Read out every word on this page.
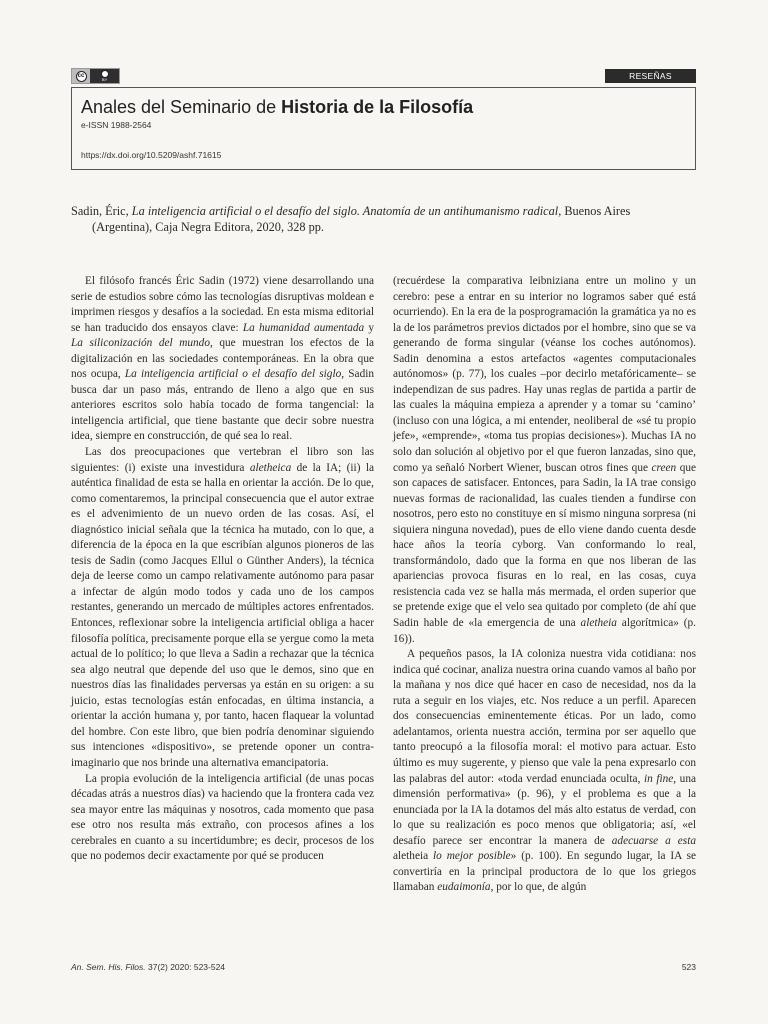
cc
BY	RESEÑAS
Anales del Seminario de Historia de la Filosofía
e-ISSN 1988-2564
https://dx.doi.org/10.5209/ashf.71615
Sadin, Éric, La inteligencia artificial o el desafío del siglo. Anatomía de un antihumanismo radical, Buenos Aires
(Argentina), Caja Negra Editora, 2020, 328 pp.

El filósofo francés Éric Sadin (1972) viene desarrollando una serie de estudios sobre cómo las tecnologías disruptivas moldean e imprimen riesgos y desafíos a la sociedad. En esta misma editorial se han traducido dos ensayos clave: La humanidad aumentada y La siliconización del mundo, que muestran los efectos de la digitalización en las sociedades contemporáneas. En la obra que nos ocupa, La inteligencia artificial o el desafío del siglo, Sadin busca dar un paso más, entrando de lleno a algo que en sus anteriores escritos solo había tocado de forma tangencial: la inteligencia artificial, que tiene bastante que decir sobre nuestra idea, siempre en construcción, de qué sea lo real.

Las dos preocupaciones que vertebran el libro son las siguientes: (i) existe una investidura aletheica de la IA; (ii) la auténtica finalidad de esta se halla en orientar la acción. De lo que, como comentaremos, la principal consecuencia que el autor extrae es el advenimiento de un nuevo orden de las cosas. Así, el diagnóstico inicial señala que la técnica ha mutado, con lo que, a diferencia de la época en la que escribían algunos pioneros de las tesis de Sadin (como Jacques Ellul o Günther Anders), la técnica deja de leerse como un campo relativamente autónomo para pasar a infectar de algún modo todos y cada uno de los campos restantes, generando un mercado de múltiples actores enfrentados. Entonces, reflexionar sobre la inteligencia artificial obliga a hacer filosofía política, precisamente porque ella se yergue como la meta actual de lo político; lo que lleva a Sadin a rechazar que la técnica sea algo neutral que depende del uso que le demos, sino que en nuestros días las finalidades perversas ya están en su origen: a su juicio, estas tecnologías están enfocadas, en última instancia, a orientar la acción humana y, por tanto, hacen flaquear la voluntad del hombre. Con este libro, que bien podría denominar siguiendo sus intenciones «dispositivo», se pretende oponer un contra-imaginario que nos brinde una alternativa emancipatoria.

La propia evolución de la inteligencia artificial (de unas pocas décadas atrás a nuestros días) va haciendo que la frontera cada vez sea mayor entre las máquinas y nosotros, cada momento que pasa ese otro nos resulta más extraño, con procesos afines a los cerebrales en cuanto a su incertidumbre; es decir, procesos de los que no podemos decir exactamente por qué se producen

(recuérdese la comparativa leibniziana entre un molino y un cerebro: pese a entrar en su interior no logramos saber qué está ocurriendo). En la era de la posprogramación la gramática ya no es la de los parámetros previos dictados por el hombre, sino que se va generando de forma singular (véanse los coches autónomos). Sadin denomina a estos artefactos «agentes computacionales autónomos» (p. 77), los cuales –por decirlo metafóricamente– se independizan de sus padres. Hay unas reglas de partida a partir de las cuales la máquina empieza a aprender y a tomar su ‘camino’ (incluso con una lógica, a mi entender, neoliberal de «sé tu propio jefe», «emprende», «toma tus propias decisiones»). Muchas IA no solo dan solución al objetivo por el que fueron lanzadas, sino que, como ya señaló Norbert Wiener, buscan otros fines que creen que son capaces de satisfacer. Entonces, para Sadin, la IA trae consigo nuevas formas de racionalidad, las cuales tienden a fundirse con nosotros, pero esto no constituye en sí mismo ninguna sorpresa (ni siquiera ninguna novedad), pues de ello viene dando cuenta desde hace años la teoría cyborg. Van conformando lo real, transformándolo, dado que la forma en que nos liberan de las apariencias provoca fisuras en lo real, en las cosas, cuya resistencia cada vez se halla más mermada, el orden superior que se pretende exige que el velo sea quitado por completo (de ahí que Sadin hable de «la emergencia de una aletheia algorítmica» (p. 16)).

A pequeños pasos, la IA coloniza nuestra vida cotidiana: nos indica qué cocinar, analiza nuestra orina cuando vamos al baño por la mañana y nos dice qué hacer en caso de necesidad, nos da la ruta a seguir en los viajes, etc. Nos reduce a un perfil. Aparecen dos consecuencias eminentemente éticas. Por un lado, como adelantamos, orienta nuestra acción, termina por ser aquello que tanto preocupó a la filosofía moral: el motivo para actuar. Esto último es muy sugerente, y pienso que vale la pena expresarlo con las palabras del autor: «toda verdad enunciada oculta, in fine, una dimensión performativa» (p. 96), y el problema es que a la enunciada por la IA la dotamos del más alto estatus de verdad, con lo que su realización es poco menos que obligatoria; así, «el desafío parece ser encontrar la manera de adecuarse a esta aletheia lo mejor posible» (p. 100). En segundo lugar, la IA se convertiría en la principal productora de lo que los griegos llamaban eudaimonía, por lo que, de algún

An. Sem. His. Filos. 37(2) 2020: 523-524	523
